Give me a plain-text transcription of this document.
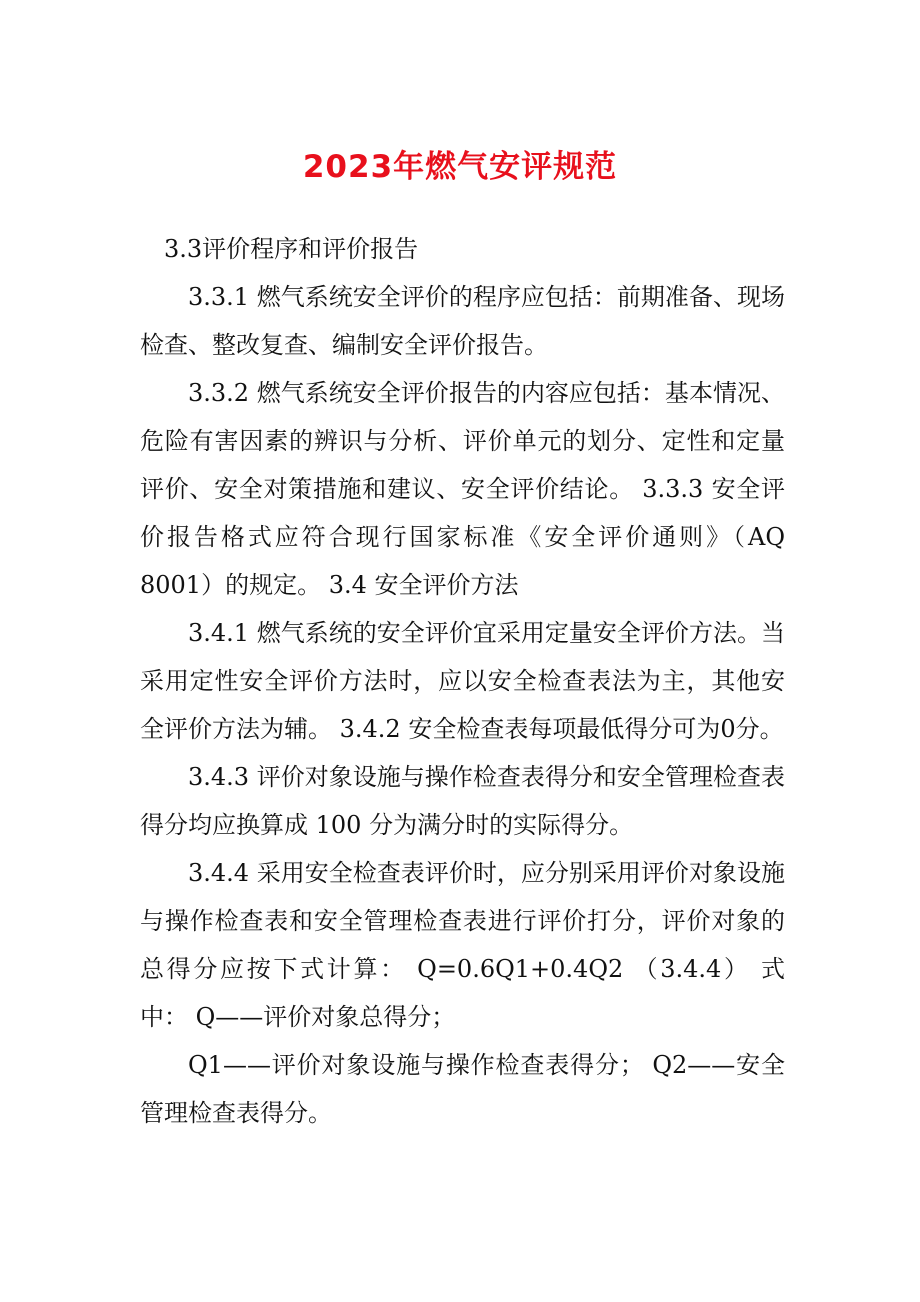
2023年燃气安评规范

3.3评价程序和评价报告

3.3.1 燃气系统安全评价的程序应包括：前期准备、现场检查、整改复查、编制安全评价报告。

3.3.2 燃气系统安全评价报告的内容应包括：基本情况、危险有害因素的辨识与分析、评价单元的划分、定性和定量评价、安全对策措施和建议、安全评价结论。 3.3.3 安全评价报告格式应符合现行国家标准《安全评价通则》（AQ 8001）的规定。 3.4 安全评价方法

3.4.1 燃气系统的安全评价宜采用定量安全评价方法。当采用定性安全评价方法时，应以安全检查表法为主，其他安全评价方法为辅。 3.4.2 安全检查表每项最低得分可为0分。

3.4.3 评价对象设施与操作检查表得分和安全管理检查表得分均应换算成 100 分为满分时的实际得分。

3.4.4 采用安全检查表评价时，应分别采用评价对象设施与操作检查表和安全管理检查表进行评价打分，评价对象的总得分应按下式计算： Q=0.6Q1+0.4Q2 （3.4.4） 式中： Q——评价对象总得分；

Q1——评价对象设施与操作检查表得分； Q2——安全管理检查表得分。
